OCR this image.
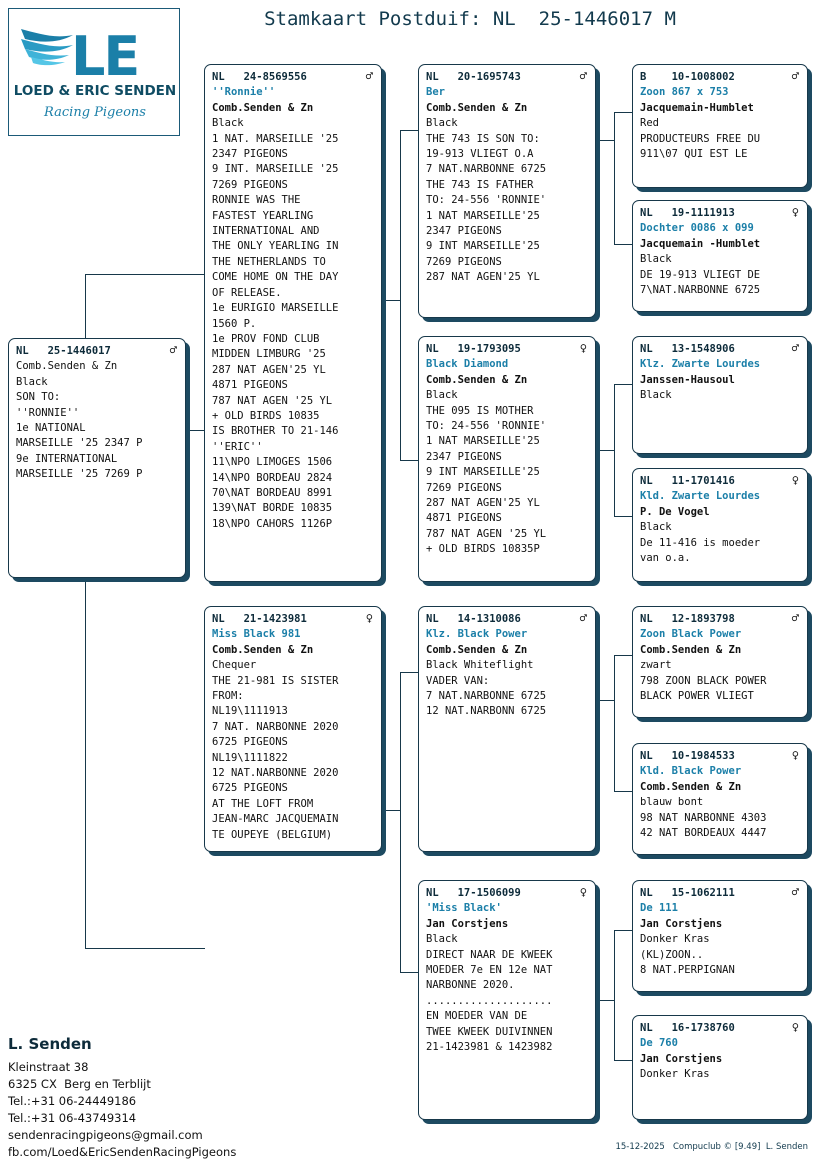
Stamkaart Postduif: NL  25-1446017 M
LE
LOED & ERIC SENDEN
Racing Pigeons
♂
NL   25-1446017
Comb.Senden & Zn
Black
SON TO:
''RONNIE''
1e NATIONAL
MARSEILLE '25 2347 P
9e INTERNATIONAL
MARSEILLE '25 7269 P
♂
NL   24-8569556
''Ronnie''
Comb.Senden & Zn
Black
1 NAT. MARSEILLE '25
2347 PIGEONS
9 INT. MARSEILLE '25
7269 PIGEONS
RONNIE WAS THE
FASTEST YEARLING
INTERNATIONAL AND
THE ONLY YEARLING IN
THE NETHERLANDS TO
COME HOME ON THE DAY
OF RELEASE.
1e EURIGIO MARSEILLE
1560 P.
1e PROV FOND CLUB
MIDDEN LIMBURG '25
287 NAT AGEN'25 YL
4871 PIGEONS
787 NAT AGEN '25 YL
+ OLD BIRDS 10835
IS BROTHER TO 21-146
''ERIC''
11\NPO LIMOGES 1506
14\NPO BORDEAU 2824
70\NAT BORDEAU 8991
139\NAT BORDE 10835
18\NPO CAHORS 1126P
♀
NL   21-1423981
Miss Black 981
Comb.Senden & Zn
Chequer
THE 21-981 IS SISTER
FROM:
NL19\1111913
7 NAT. NARBONNE 2020
6725 PIGEONS
NL19\1111822
12 NAT.NARBONNE 2020
6725 PIGEONS
AT THE LOFT FROM
JEAN-MARC JACQUEMAIN
TE OUPEYE (BELGIUM)
♂
NL   20-1695743
Ber
Comb.Senden & Zn
Black
THE 743 IS SON TO:
19-913 VLIEGT O.A
7 NAT.NARBONNE 6725
THE 743 IS FATHER
TO: 24-556 'RONNIE'
1 NAT MARSEILLE'25
2347 PIGEONS
9 INT MARSEILLE'25
7269 PIGEONS
287 NAT AGEN'25 YL
♀
NL   19-1793095
Black Diamond
Comb.Senden & Zn
Black
THE 095 IS MOTHER
TO: 24-556 'RONNIE'
1 NAT MARSEILLE'25
2347 PIGEONS
9 INT MARSEILLE'25
7269 PIGEONS
287 NAT AGEN'25 YL
4871 PIGEONS
787 NAT AGEN '25 YL
+ OLD BIRDS 10835P
♂
NL   14-1310086
Klz. Black Power
Comb.Senden & Zn
Black Whiteflight
VADER VAN:
7 NAT.NARBONNE 6725
12 NAT.NARBONN 6725
♀
NL   17-1506099
'Miss Black'
Jan Corstjens
Black
DIRECT NAAR DE KWEEK
MOEDER 7e EN 12e NAT
NARBONNE 2020.
....................
EN MOEDER VAN DE
TWEE KWEEK DUIVINNEN
21-1423981 & 1423982
♂
B    10-1008002
Zoon 867 x 753
Jacquemain-Humblet
Red
PRODUCTEURS FREE DU
911\07 QUI EST LE
♀
NL   19-1111913
Dochter 0086 x 099
Jacquemain -Humblet
Black
DE 19-913 VLIEGT DE
7\NAT.NARBONNE 6725
♂
NL   13-1548906
Klz. Zwarte Lourdes
Janssen-Hausoul
Black
♀
NL   11-1701416
Kld. Zwarte Lourdes
P. De Vogel
Black
De 11-416 is moeder
van o.a.
♂
NL   12-1893798
Zoon Black Power
Comb.Senden & Zn
zwart
798 ZOON BLACK POWER
BLACK POWER VLIEGT
♀
NL   10-1984533
Kld. Black Power
Comb.Senden & Zn
blauw bont
98 NAT NARBONNE 4303
42 NAT BORDEAUX 4447
♂
NL   15-1062111
De 111
Jan Corstjens
Donker Kras
(KL)ZOON..
8 NAT.PERPIGNAN
♀
NL   16-1738760
De 760
Jan Corstjens
Donker Kras
L. Senden
Kleinstraat 38
6325 CX  Berg en Terblijt
Tel.:+31 06-24449186
Tel.:+31 06-43749314
sendenracingpigeons@gmail.com
fb.com/Loed&EricSendenRacingPigeons	15-12-2025   Compuclub © [9.49]  L. Senden
